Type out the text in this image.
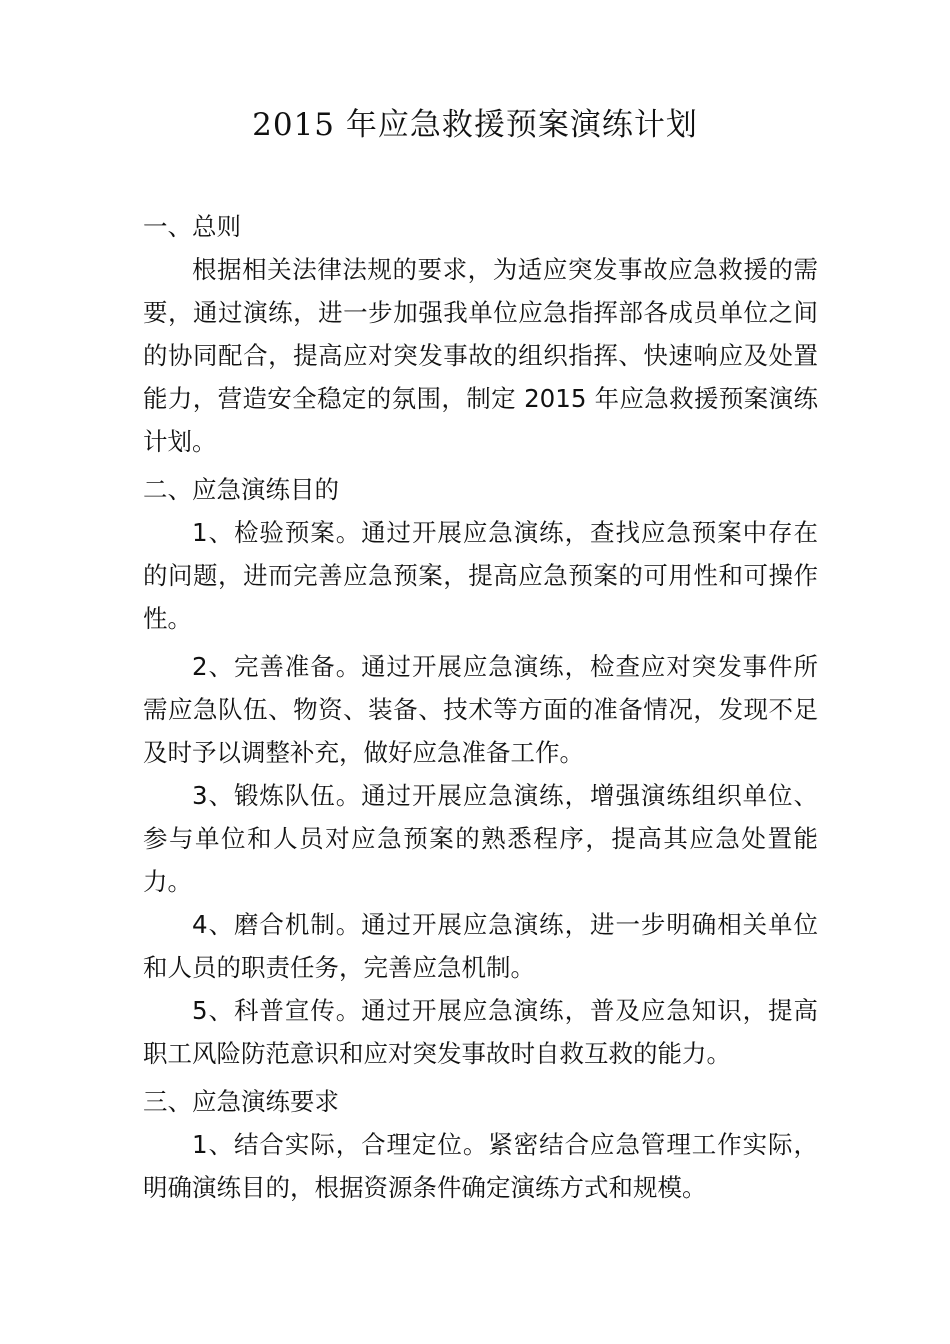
2015 年应急救援预案演练计划
一、总则

根据相关法律法规的要求，为适应突发事故应急救援的需要，通过演练，进一步加强我单位应急指挥部各成员单位之间的协同配合，提高应对突发事故的组织指挥、快速响应及处置能力，营造安全稳定的氛围，制定 2015 年应急救援预案演练计划。

二、应急演练目的

1、检验预案。通过开展应急演练，查找应急预案中存在的问题，进而完善应急预案，提高应急预案的可用性和可操作性。

2、完善准备。通过开展应急演练，检查应对突发事件所需应急队伍、物资、装备、技术等方面的准备情况，发现不足及时予以调整补充，做好应急准备工作。

3、锻炼队伍。通过开展应急演练，增强演练组织单位、参与单位和人员对应急预案的熟悉程序，提高其应急处置能力。

4、磨合机制。通过开展应急演练，进一步明确相关单位和人员的职责任务，完善应急机制。

5、科普宣传。通过开展应急演练，普及应急知识，提高职工风险防范意识和应对突发事故时自救互救的能力。

三、应急演练要求

1、结合实际，合理定位。紧密结合应急管理工作实际，明确演练目的，根据资源条件确定演练方式和规模。
